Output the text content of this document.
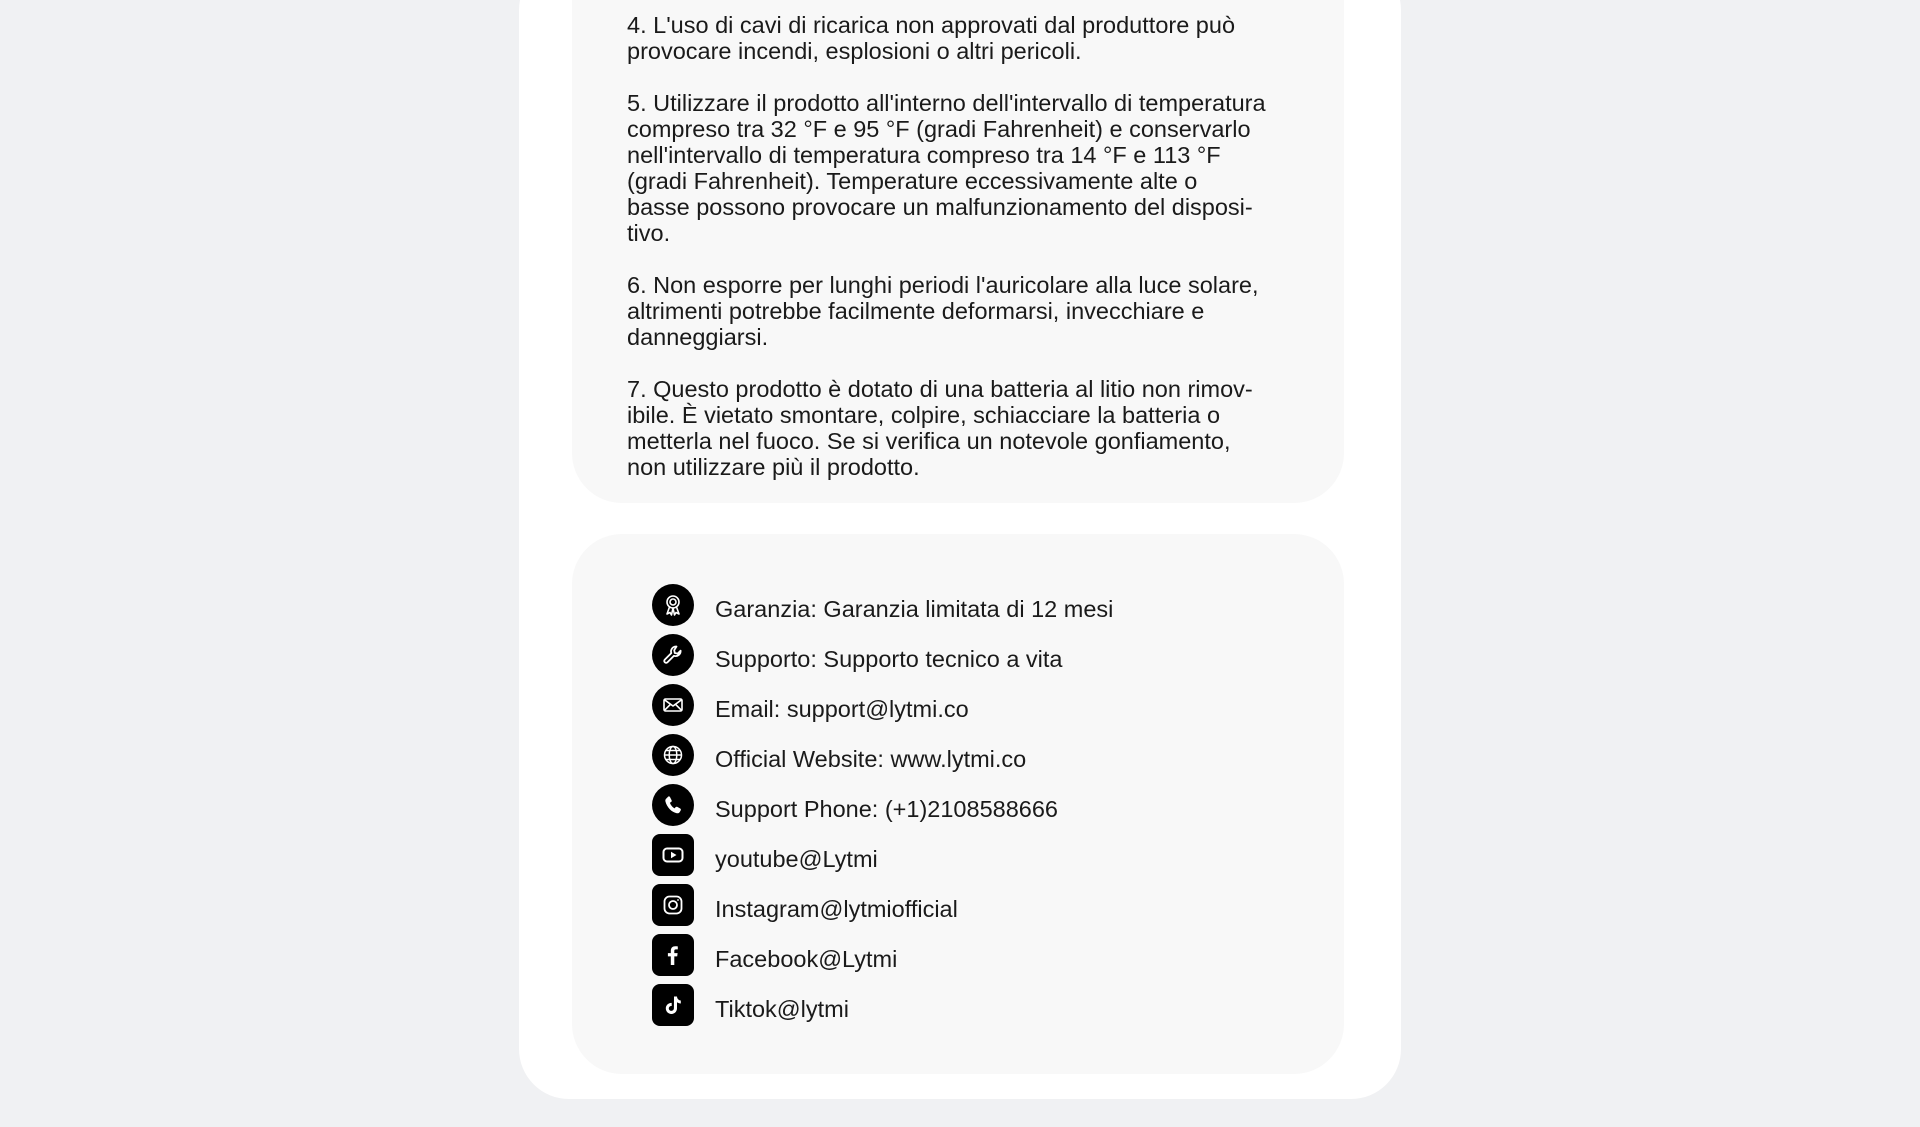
4. L'uso di cavi di ricarica non approvati dal produttore può
provocare incendi, esplosioni o altri pericoli.

5. Utilizzare il prodotto all'interno dell'intervallo di temperatura
compreso tra 32 °F e 95 °F (gradi Fahrenheit) e conservarlo
nell'intervallo di temperatura compreso tra 14 °F e 113 °F
(gradi Fahrenheit). Temperature eccessivamente alte o
basse possono provocare un malfunzionamento del disposi-
tivo.

6. Non esporre per lunghi periodi l'auricolare alla luce solare,
altrimenti potrebbe facilmente deformarsi, invecchiare e
danneggiarsi.

7. Questo prodotto è dotato di una batteria al litio non rimov-
ibile. È vietato smontare, colpire, schiacciare la batteria o
metterla nel fuoco. Se si verifica un notevole gonfiamento,
non utilizzare più il prodotto.

Garanzia: Garanzia limitata di 12 mesi
Supporto: Supporto tecnico a vita
Email: support@lytmi.co
Official Website: www.lytmi.co
Support Phone: (+1)2108588666
youtube@Lytmi
Instagram@lytmiofficial
Facebook@Lytmi
Tiktok@lytmi
